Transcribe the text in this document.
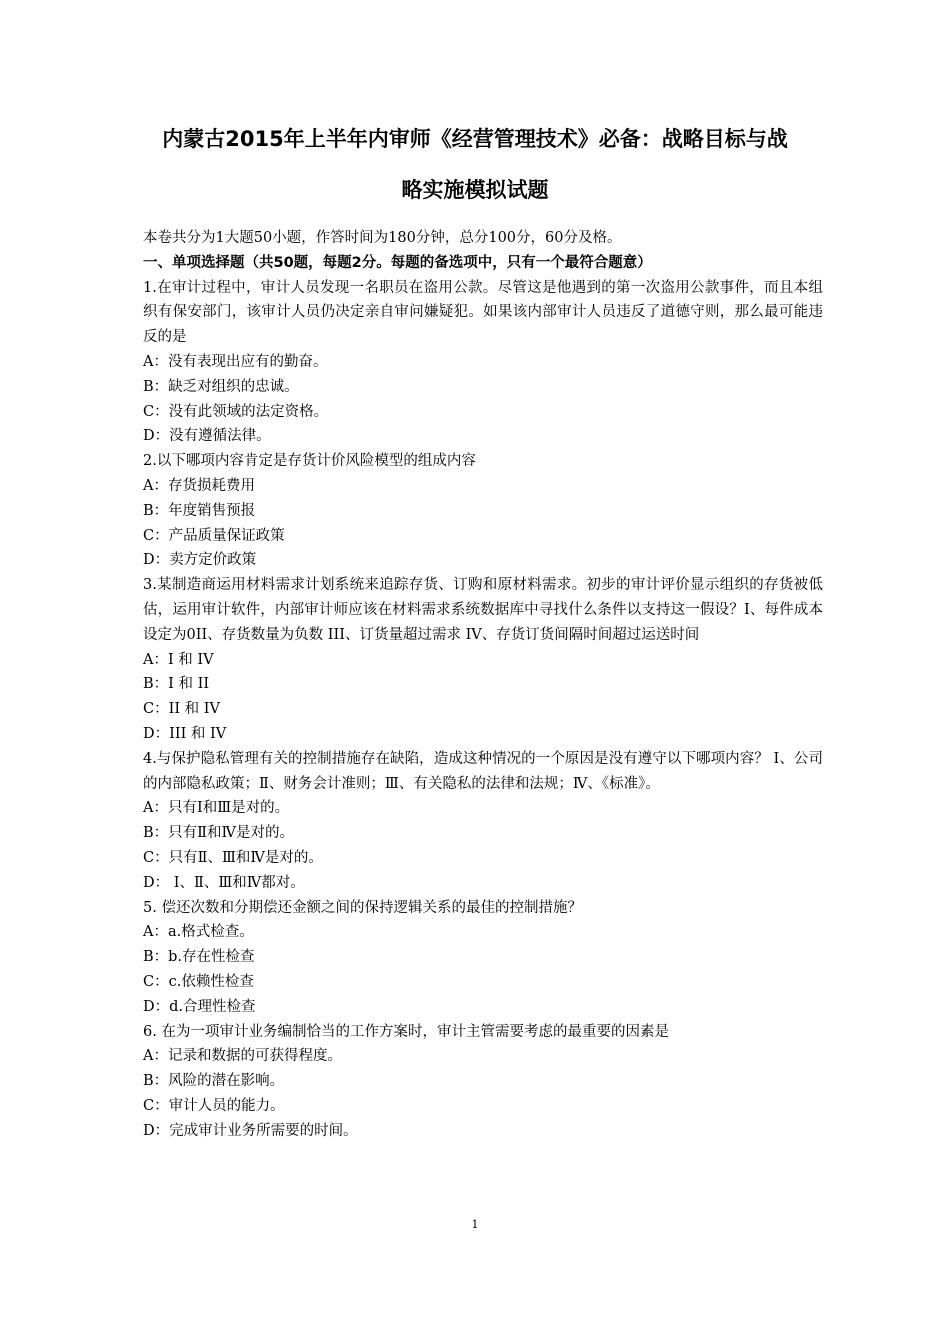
内蒙古2015年上半年内审师《经营管理技术》必备：战略目标与战
略实施模拟试题

本卷共分为1大题50小题，作答时间为180分钟，总分100分，60分及格。

一、单项选择题（共50题，每题2分。每题的备选项中，只有一个最符合题意）

1.在审计过程中，审计人员发现一名职员在盗用公款。尽管这是他遇到的第一次盗用公款事件，而且本组织有保安部门，该审计人员仍决定亲自审问嫌疑犯。如果该内部审计人员违反了道德守则，那么最可能违反的是

A：没有表现出应有的勤奋。

B：缺乏对组织的忠诚。

C：没有此领域的法定资格。

D：没有遵循法律。

2.以下哪项内容肯定是存货计价风险模型的组成内容

A：存货损耗费用

B：年度销售预报

C：产品质量保证政策

D：卖方定价政策

3.某制造商运用材料需求计划系统来追踪存货、订购和原材料需求。初步的审计评价显示组织的存货被低估，运用审计软件，内部审计师应该在材料需求系统数据库中寻找什么条件以支持这一假设？I、每件成本设定为0II、存货数量为负数 III、订货量超过需求 IV、存货订货间隔时间超过运送时间

A：I 和 IV

B：I 和 II

C：II 和 IV

D：III 和 IV

4.与保护隐私管理有关的控制措施存在缺陷，造成这种情况的一个原因是没有遵守以下哪项内容？ Ⅰ、公司的内部隐私政策；Ⅱ、财务会计准则；Ⅲ、有关隐私的法律和法规；Ⅳ、《标准》。

A：只有Ⅰ和Ⅲ是对的。

B：只有Ⅱ和Ⅳ是对的。

C：只有Ⅱ、Ⅲ和Ⅳ是对的。

D： Ⅰ、Ⅱ、Ⅲ和Ⅳ都对。

5. 偿还次数和分期偿还金额之间的保持逻辑关系的最佳的控制措施？

A：a.格式检查。

B：b.存在性检查

C：c.依赖性检查

D：d.合理性检查

6. 在为一项审计业务编制恰当的工作方案时，审计主管需要考虑的最重要的因素是

A：记录和数据的可获得程度。

B：风险的潜在影响。

C：审计人员的能力。

D：完成审计业务所需要的时间。

1
